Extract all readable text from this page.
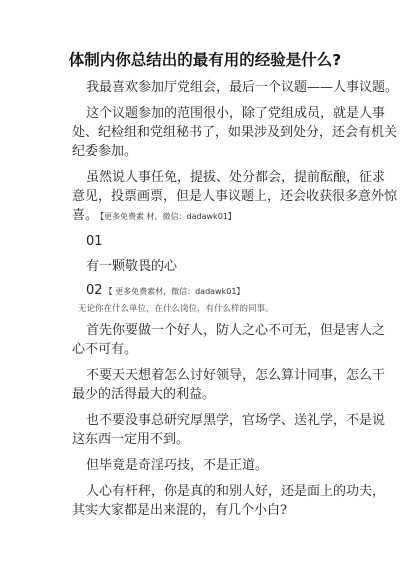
体制内你总结出的最有用的经验是什么?
我最喜欢参加厅党组会，最后一个议题——人事议题。
这个议题参加的范围很小，除了党组成员，就是人事
处、纪检组和党组秘书了，如果涉及到处分，还会有机关
纪委参加。
虽然说人事任免，提拔、处分都会，提前酝酿，征求
意见，投票画票，但是人事议题上，还会收获很多意外惊
喜。 【更多免费素 材，微信：dadawk01】
01
有一颗敬畏的心
02 【 更多免费素材，微信：dadawk01】
无论你在什么单位，在什么岗位，有什么样的同事。
首先你要做一个好人，防人之心不可无，但是害人之
心不可有。
不要天天想着怎么讨好领导，怎么算计同事，怎么干
最少的活得最大的利益。
也不要没事总研究厚黑学，官场学、送礼学，不是说
这东西一定用不到。
但毕竟是奇淫巧技，不是正道。
人心有杆秤，你是真的和别人好，还是面上的功夫，
其实大家都是出来混的，有几个小白?
